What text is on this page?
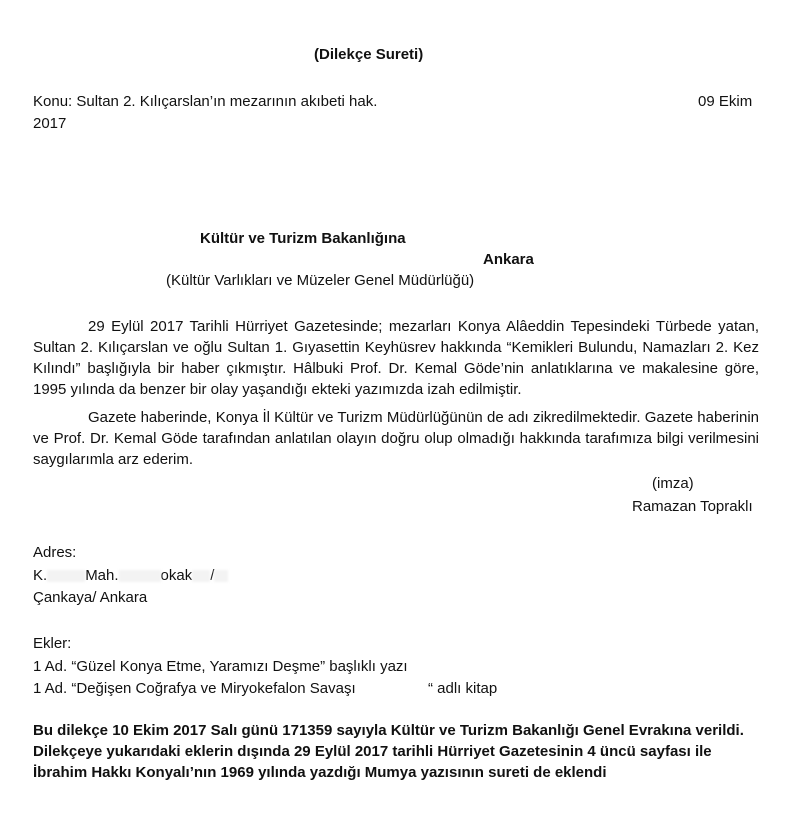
(Dilekçe Sureti)
Konu: Sultan 2. Kılıçarslan’ın mezarının akıbeti hak.	09 Ekim
2017
Kültür ve Turizm Bakanlığına
Ankara
(Kültür Varlıkları ve Müzeler Genel Müdürlüğü)
29 Eylül 2017 Tarihli Hürriyet Gazetesinde; mezarları Konya Alâeddin Tepesindeki Türbede yatan, Sultan 2. Kılıçarslan ve oğlu Sultan 1. Gıyasettin Keyhüsrev hakkında “Kemikleri Bulundu, Namazları 2. Kez Kılındı” başlığıyla bir haber çıkmıştır. Hâlbuki Prof. Dr. Kemal Göde’nin anlatıklarına ve makalesine göre, 1995 yılında da benzer bir olay yaşandığı ekteki yazımızda izah edilmiştir.
Gazete haberinde, Konya İl Kültür ve Turizm Müdürlüğünün de adı zikredilmektedir. Gazete haberinin ve Prof. Dr. Kemal Göde tarafından anlatılan olayın doğru olup olmadığı hakkında tarafımıza bilgi verilmesini saygılarımla arz ederim.
(imza)
Ramazan Topraklı
Adres:
K.	Mah.	okak /
Çankaya/ Ankara
Ekler:
1 Ad. “Güzel Konya Etme, Yaramızı Deşme” başlıklı yazı
1 Ad. “Değişen Coğrafya ve Miryokefalon Savaşı	“ adlı kitap
Bu dilekçe 10 Ekim 2017 Salı günü 171359 sayıyla Kültür ve Turizm Bakanlığı Genel Evrakına verildi. Dilekçeye yukarıdaki eklerin dışında 29 Eylül 2017 tarihli Hürriyet Gazetesinin 4 üncü sayfası ile İbrahim Hakkı Konyalı’nın 1969 yılında yazdığı Mumya yazısının sureti de eklendi
